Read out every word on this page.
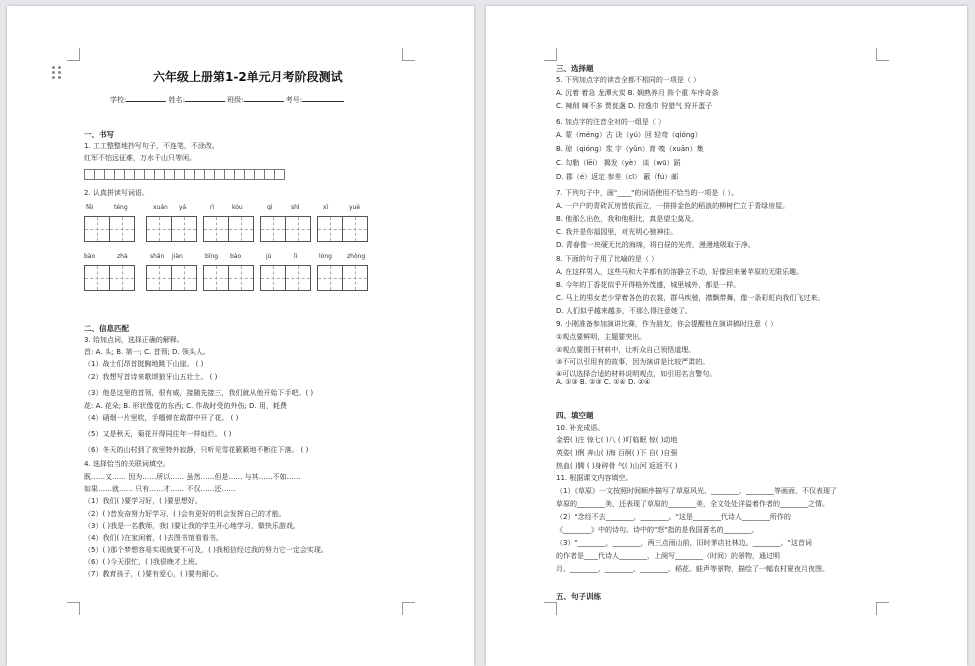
六年级上册第1-2单元月考阶段测试
学校:	姓名:	班级:	考号:
一、书写
1. 工工整整地抄写句子，不连笔，不涂改。
红军不怕远征难，万水千山只等闲。
2. 认真拼读写词语。
fēi	téng	xuán yá	rì	kòu	qì	shì	xī	yuè
bào	zhà	shān jiàn	bīng báo	jù	lì	lóng	zhòng
二、信息匹配
3. 给加点词，选择正确的解释。
首: A. 头; B. 第一; C. 首领; D. 领头人。
（1）战士们昂首挺胸地跳下山崖。 ( )
（2）我想写首诗来歌颂狼牙山五壮士。 ( )
（3）他是这里的首领，很有威，接随先接三，我们就从他开始下手吧。( )
花: A. 花朵; B. 形状像花的东西; C. 作战时受的外伤; D. 用，耗费
（4）硝烟一片里吹，手榴弹在敌群中开了花。 ( )
（5）又是秋天，菊花开得同往年一样灿烂。 ( )
（6）冬天的山村到了夜里特外寂静，只听见雪花簌簌地不断往下落。 ( )
4. 选择恰当的关联词填空。
既……又…… 因为……所以…… 虽然……但是…… 与其……不如……
如果……就…… 只有……才…… 不仅……还……
（1）我们( )要学习好，( )要思想好。
（2）( )昔发奋努力好学习，( )会有更好的机会发挥自己的才能。
（3）( )我是一名教师，我( )要让我的学生开心地学习，做快乐游戏。
（4）我们( )在家闲着，( )去图书馆看看书。
（5）( )那个梦想容易实现就要不可及，( )我相信经过我的努力它一定会实现。
（6）( )今天很忙，( )我很晚才上班。
（7）教育孩子，( )要有爱心，( )要有耐心。
三、选择题
5. 下列加点字的读音全都不相同的一项是（ ）
A. 沉着 着急 龙潭火炭 B. 娴熟养月 阵个重 车序奇条
C. 辣削 辣不多 贾瓮盏 D. 狩逸巾 狩猎气 狩开蛋子
6. 加点字的注音全对的一组是（ ）
A. 蒙（méng）古 诀（yú）回 轻弯（qióng）
B. 琼（qióng）浆 宇（yǔn）育 嗅（xuān）集
C. 勾勒（lēi） 揭发（yè） 谈（wū）蹈
D. 郡（é）返定 参差（cī） 蔽（fú）邮
7. 下列句子中，画"____"的词语使用不恰当的一项是（ ）。
A. 一户户的青砖瓦房皆依而立，一排排金色的稻浪的柳树伫立于青绿房屋。
B. 他那么出色，我和他相比，真是望尘莫及。
C. 我并是你福园里，对光明心驰神往。
D. 青春像一块硬无比的海绵，将白昼的光亮，漫漫地吸取于净。
8. 下面的句子用了比喻的是（ ）
A. 在这样男人，这些马和大羊都有的溶静立不动，好像回来暑苹原的无限乐趣。
B. 今年的丁香花似乎开得格外茂盛，城里城外，都是一样。
C. 马上的男女老少穿着各色的衣裳，群马疾驰，襟飘带舞，像一条彩虹向我们飞过来。
D. 人们似乎越来越多，不那么得注意她了。
9. 小刚准备参加演讲比赛，作为朋友，你会提醒他在演讲稿时注意（ ）
①观点要鲜明，主题要突出。
②观点要围于材料中，让听众自己领悟道理。
③不可以引用有的故事，因为演讲是比较严肃的。
④可以选择合适的材料说明观点，如引用名言警句。
A. ①③ B. ②③ C. ①④ D. ②④
四、填空题
10. 补充成语。
金碧( )注 惊七( )八 ( )叮临眠 惊( )动地
英姿( )俐 奔山( )海 百舸( )下 自( )自强
热血( )腾 ( )身碎骨 气( )山河 返返不( )
11. 根据课文内容填空。
（1）《草原》一文按照时间顺序描写了草原风光、________、________等画面，不仅表现了
草原的________美，还表现了草原的________美，全文处处洋溢着作者的________之情。
（2）"念经不去________，________。"这是________代诗人________所作的
《________》中的诗句。诗中的"怒"指的是我国著名的________。
（3）"________，________，两三点雨山前，旧时茅店社林边。________。"这首词
的作者是____代诗人________，上阕写________（时间）的景物，通过明
月、________、________、________、稻花、蛙声等景物，描绘了一幅农村夏夜月夜图。
五、句子训练
